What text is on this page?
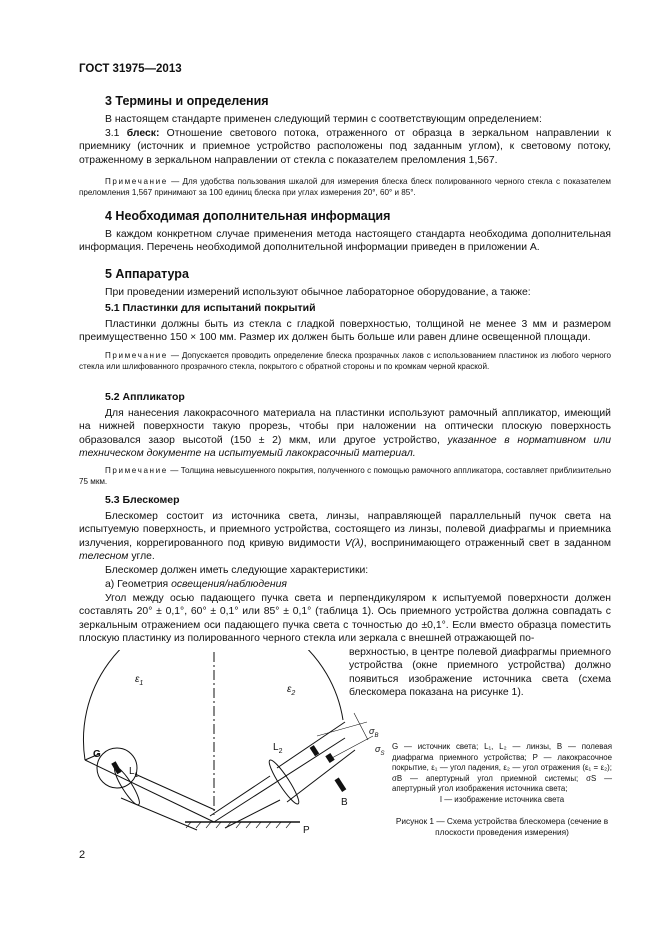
ГОСТ 31975—2013
3 Термины и определения
В настоящем стандарте применен следующий термин с соответствующим определением:
3.1 блеск: Отношение светового потока, отраженного от образца в зеркальном направлении к приемнику (источник и приемное устройство расположены под заданным углом), к световому потоку, отраженному в зеркальном направлении от стекла с показателем преломления 1,567.
Примечание — Для удобства пользования шкалой для измерения блеска блеск полированного черного стекла с показателем преломления 1,567 принимают за 100 единиц блеска при углах измерения 20°, 60° и 85°.
4 Необходимая дополнительная информация
В каждом конкретном случае применения метода настоящего стандарта необходима дополнительная информация. Перечень необходимой дополнительной информации приведен в приложении А.
5 Аппаратура
При проведении измерений используют обычное лабораторное оборудование, а также:
5.1 Пластинки для испытаний покрытий
Пластинки должны быть из стекла с гладкой поверхностью, толщиной не менее 3 мм и размером преимущественно 150 × 100 мм. Размер их должен быть больше или равен длине освещенной площади.
Примечание — Допускается проводить определение блеска прозрачных лаков с использованием пластинок из любого черного стекла или шлифованного прозрачного стекла, покрытого с обратной стороны и по кромкам черной краской.
5.2 Аппликатор
Для нанесения лакокрасочного материала на пластинки используют рамочный аппликатор, имеющий на нижней поверхности такую прорезь, чтобы при наложении на оптически плоскую поверхность образовался зазор высотой (150 ± 2) мкм, или другое устройство, указанное в нормативном или техническом документе на испытуемый лакокрасочный материал.
Примечание — Толщина невысушенного покрытия, полученного с помощью рамочного аппликатора, составляет приблизительно 75 мкм.
5.3 Блескомер
Блескомер состоит из источника света, линзы, направляющей параллельный пучок света на испытуемую поверхность, и приемного устройства, состоящего из линзы, полевой диафрагмы и приемника излучения, коррегированного под кривую видимости V(λ), воспринимающего отраженный свет в заданном телесном угле.
Блескомер должен иметь следующие характеристики:
а) Геометрия освещения/наблюдения
Угол между осью падающего пучка света и перпендикуляром к испытуемой поверхности должен составлять 20° ± 0,1°, 60° ± 0,1° или 85° ± 0,1° (таблица 1). Ось приемного устройства должна совпадать с зеркальным отражением оси падающего пучка света с точностью до ±0,1°. Если вместо образца поместить плоскую пластинку из полированного черного стекла или зеркала с внешней отражающей по-
верхностью, в центре полевой диафрагмы приемного устройства (окне приемного устройства) должно появиться изображение источника света (схема блескомера показана на рисунке 1).
G
$L_1$
$L_2$
B
P
$\varepsilon_1$
$\varepsilon_2$
$\sigma_B$
$\sigma_S$
G — источник света; L₁, L₂ — линзы, B — полевая диафрагма приемного устройства; P — лакокрасочное покрытие, ε₁ — угол падения, ε₂ — угол отражения (ε₁ = ε₂); σB — апертурный угол приемной системы; σS — апертурный угол изображения источника света;
I — изображение источника света
Рисунок 1 — Схема устройства блескомера (сечение в плоскости проведения измерения)
2
